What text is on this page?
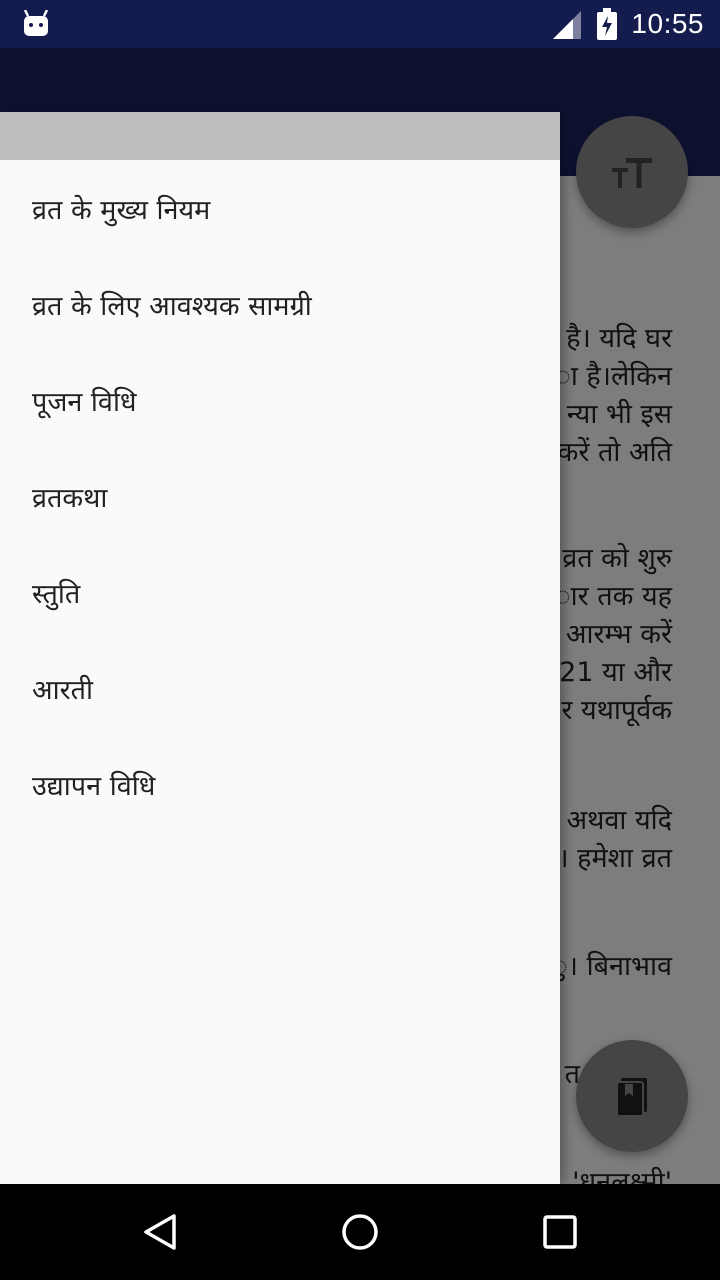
10:55
व्रत के मुख्य नियम
व्रत के लिए आवश्यक सामग्री
पूजन विधि
व्रतकथा
स्तुति
आरती
उद्यापन विधि
